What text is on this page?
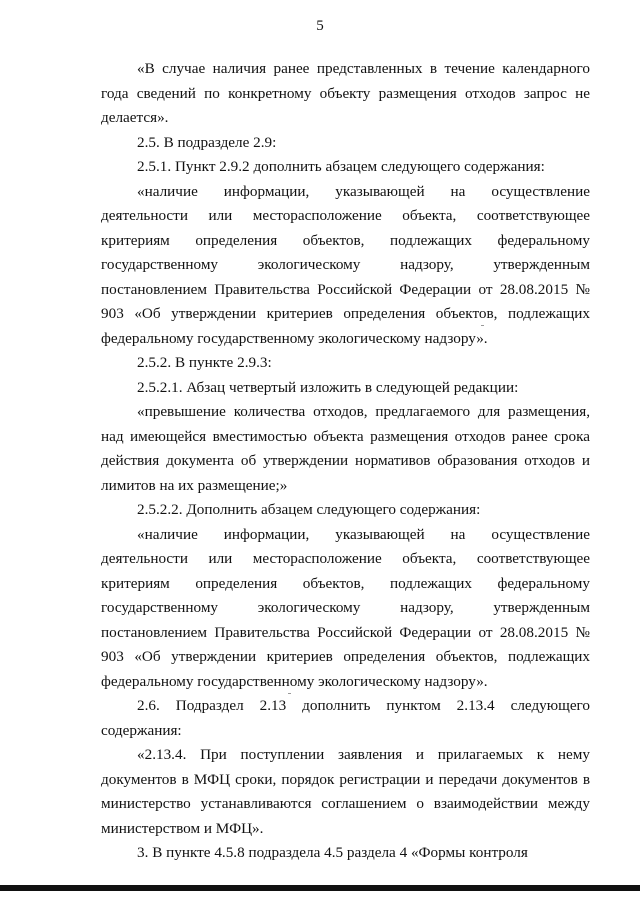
5

«В случае наличия ранее представленных в течение календарного года сведений по конкретному объекту размещения отходов запрос не делается».

2.5. В подразделе 2.9:

2.5.1. Пункт 2.9.2 дополнить абзацем следующего содержания:

«наличие информации, указывающей на осуществление деятельности или месторасположение объекта, соответствующее критериям определения объектов, подлежащих федеральному государственному экологическому надзору, утвержденным постановлением Правительства Российской Федерации от 28.08.2015 № 903 «Об утверждении критериев определения объектов, подлежащих федеральному государственному экологическому надзору».

2.5.2. В пункте 2.9.3:

2.5.2.1. Абзац четвертый изложить в следующей редакции:

«превышение количества отходов, предлагаемого для размещения, над имеющейся вместимостью объекта размещения отходов ранее срока действия документа об утверждении нормативов образования отходов и лимитов на их размещение;»

2.5.2.2. Дополнить абзацем следующего содержания:

«наличие информации, указывающей на осуществление деятельности или месторасположение объекта, соответствующее критериям определения объектов, подлежащих федеральному государственному экологическому надзору, утвержденным постановлением Правительства Российской Федерации от 28.08.2015 № 903 «Об утверждении критериев определения объектов, подлежащих федеральному государственному экологическому надзору».

2.6. Подраздел 2.13 дополнить пунктом 2.13.4 следующего содержания:

«2.13.4. При поступлении заявления и прилагаемых к нему документов в МФЦ сроки, порядок регистрации и передачи документов в министерство устанавливаются соглашением о взаимодействии между министерством и МФЦ».

3. В пункте 4.5.8 подраздела 4.5 раздела 4 «Формы контроля
